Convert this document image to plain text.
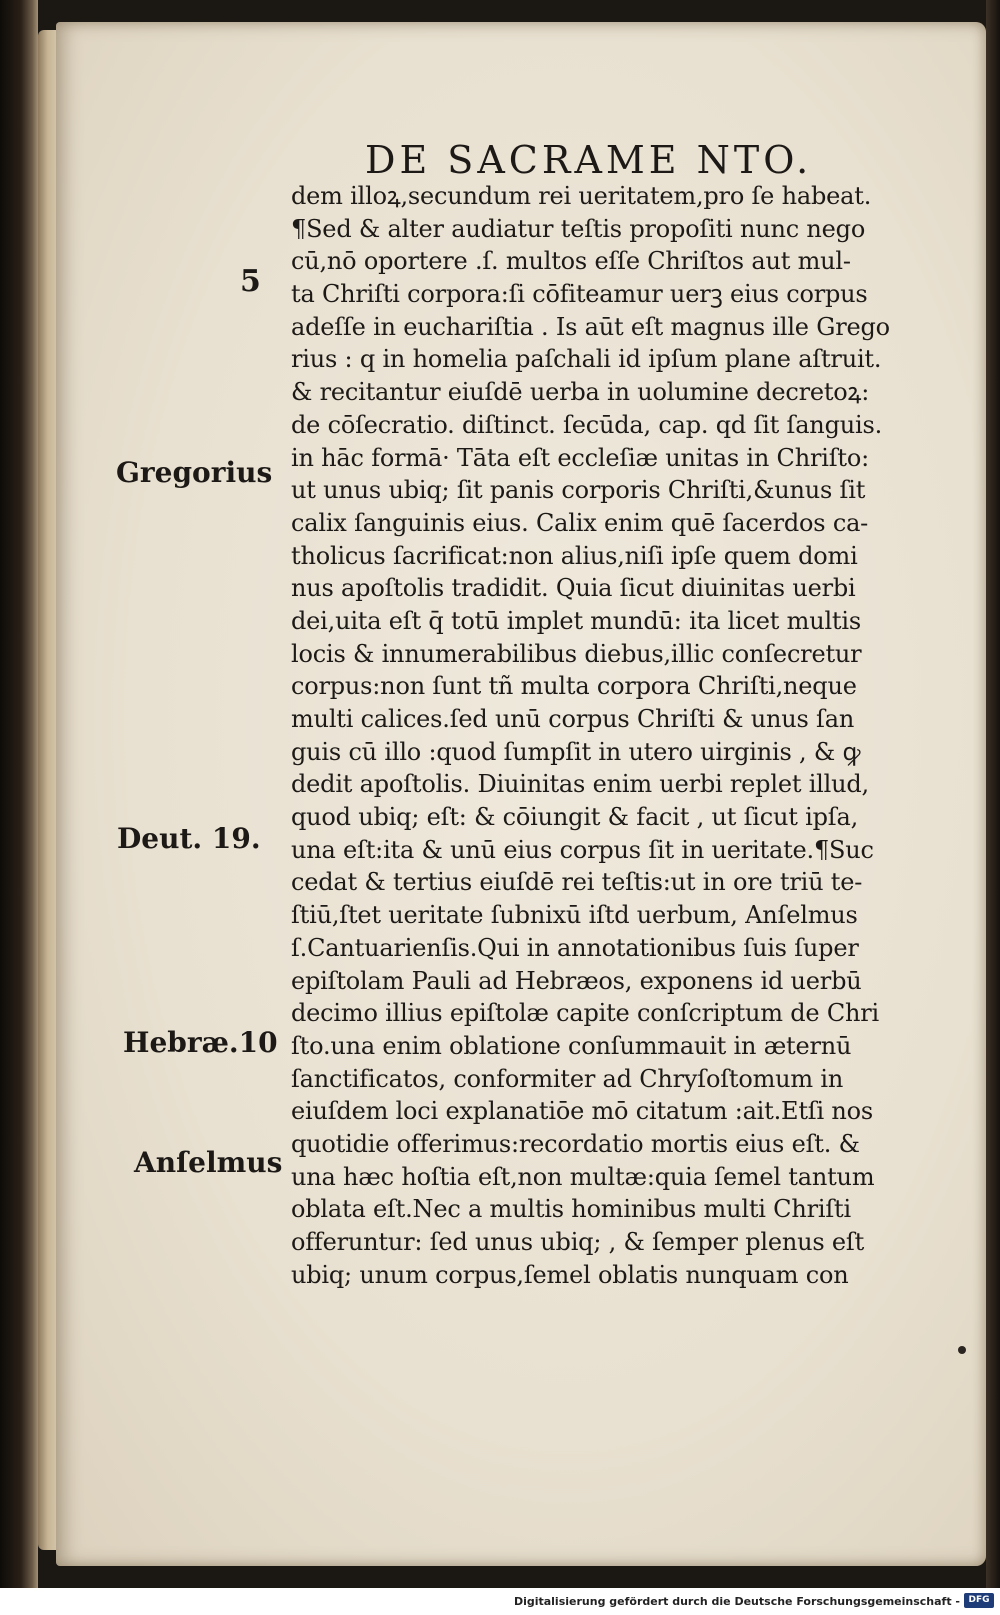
DE SACRAME NTO.
dem illoꝝ,secundum rei ueritatem,pro ſe habeat.
¶Sed & alter audiatur teſtis propoſiti nunc nego
cū,nō oportere .ſ. multos eſſe Chriſtos aut mul-
ta Chriſti corpora:ſi cōfiteamur uerꝫ eius corpus
adeſſe in euchariſtia . Is aūt eſt magnus ille Grego
rius : q in homelia paſchali id ipſum plane aſtruit.
& recitantur eiuſdē uerba in uolumine decretoꝝ:
de cōſecratio. diſtinct. ſecūda, cap. qd ſit ſanguis.
in hāc formā· Tāta eſt eccleſiæ unitas in Chriſto:
ut unus ubiq; ſit panis corporis Chriſti,&unus ſit
calix ſanguinis eius. Calix enim quē ſacerdos ca-
tholicus ſacrificat:non alius,niſi ipſe quem domi
nus apoſtolis tradidit. Quia ſicut diuinitas uerbi
dei,uita eſt q̄ totū implet mundū: ita licet multis
locis & innumerabilibus diebus,illic conſecretur
corpus:non ſunt tñ multa corpora Chriſti,neque
multi calices.ſed unū corpus Chriſti & unus ſan
guis cū illo :quod ſumpſit in utero uirginis , & ꝙ
dedit apoſtolis. Diuinitas enim uerbi replet illud,
quod ubiq; eſt: & cōiungit & facit , ut ſicut ipſa,
una eſt:ita & unū eius corpus ſit in ueritate.¶Suc
cedat & tertius eiuſdē rei teſtis:ut in ore triū te-
ſtiū,ſtet ueritate ſubnixū iſtd uerbum, Anſelmus
ſ.Cantuarienſis.Qui in annotationibus ſuis ſuper
epiſtolam Pauli ad Hebræos, exponens id uerbū
decimo illius epiſtolæ capite conſcriptum de Chri
ſto.una enim oblatione conſummauit in æternū
ſanctificatos, conformiter ad Chryſoſtomum in
eiuſdem loci explanatiōe mō citatum :ait.Etſi nos
quotidie offerimus:recordatio mortis eius eſt. &
una hæc hoſtia eſt,non multæ:quia ſemel tantum
oblata eſt.Nec a multis hominibus multi Chriſti
offeruntur: ſed unus ubiq; , & ſemper plenus eſt
ubiq; unum corpus,ſemel oblatis nunquam con
5
Gregorius
Deut. 19.
Hebræ.10
Anſelmus
Digitalisierung gefördert durch die Deutsche Forschungsgemeinschaft - DFG
